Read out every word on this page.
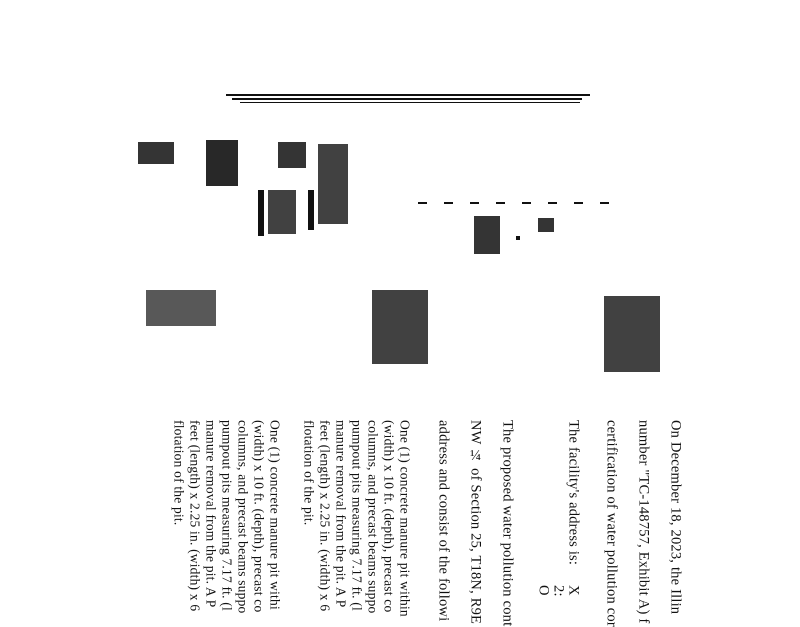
On December 18, 2023, the Illin
number "TC-148757, Exhibit A) f
certification of water pollution cor
The facility's address is:
X
2:
O
The proposed water pollution cont
NW ¼ of Section 25, T18N, R9E
address and consist of the followi
One (1) concrete manure pit within
(width) x 10 ft. (depth), precast co
columns, and precast beams suppo
pumpout pits measuring 7.17 ft. (l
manure removal from the pit. A P
feet (length) x 2.25 in. (width) x 6
flotation of the pit.
One (1) concrete manure pit withi
(width) x 10 ft. (depth), precast co
columns, and precast beams suppo
pumpout pits measuring 7.17 ft. (l
manure removal from the pit. A P
feet (length) x 2.25 in. (width) x 6
flotation of the pit.
